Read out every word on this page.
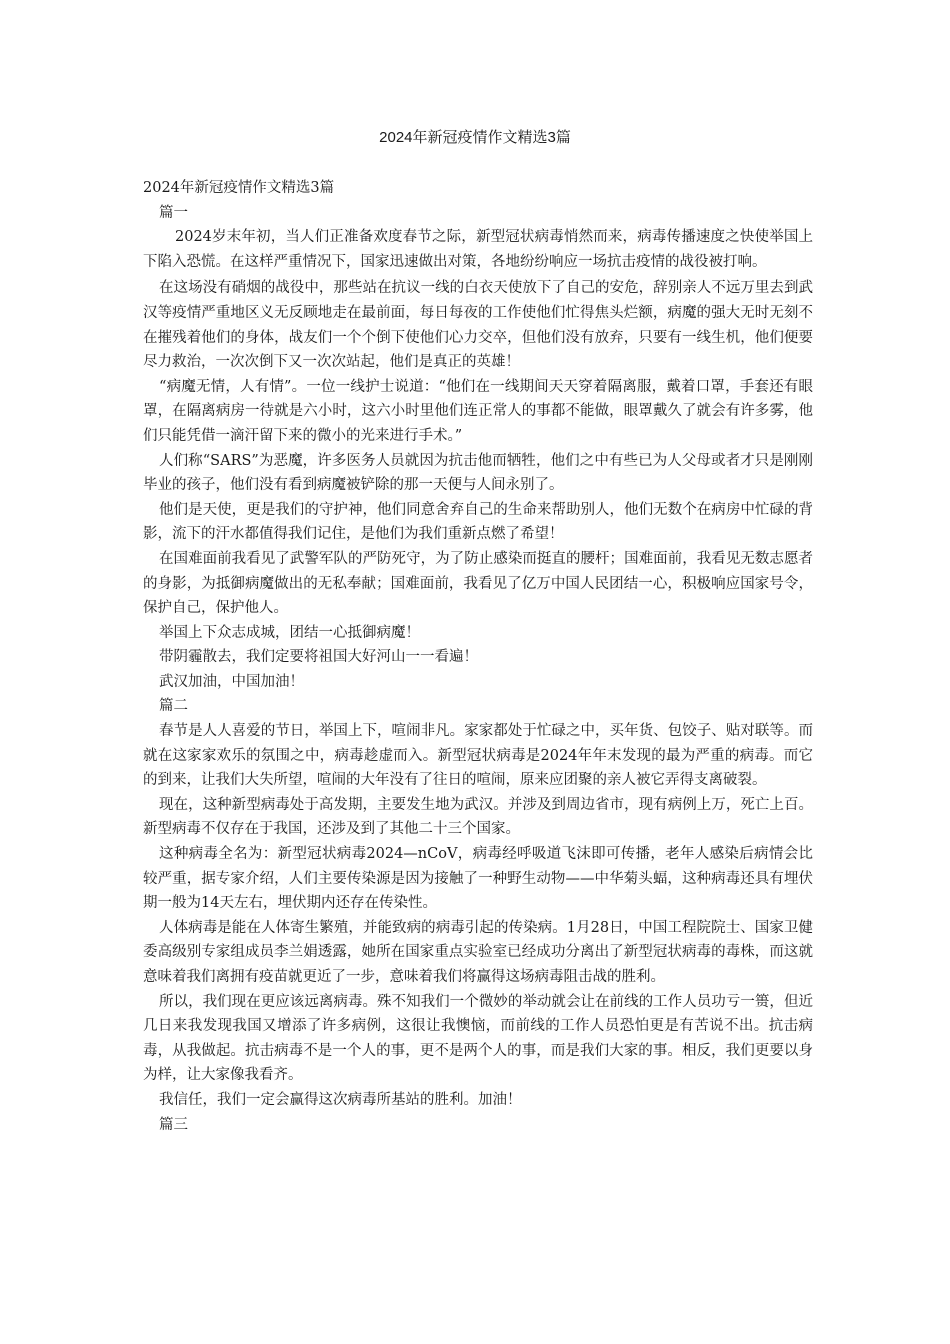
2024年新冠疫情作文精选3篇

2024年新冠疫情作文精选3篇

篇一

2024岁末年初，当人们正准备欢度春节之际，新型冠状病毒悄然而来，病毒传播速度之快使举国上下陷入恐慌。在这样严重情况下，国家迅速做出对策，各地纷纷响应一场抗击疫情的战役被打响。

在这场没有硝烟的战役中，那些站在抗议一线的白衣天使放下了自己的安危，辞别亲人不远万里去到武汉等疫情严重地区义无反顾地走在最前面，每日每夜的工作使他们忙得焦头烂额，病魔的强大无时无刻不在摧残着他们的身体，战友们一个个倒下使他们心力交卒，但他们没有放弃，只要有一线生机，他们便要尽力救治，一次次倒下又一次次站起，他们是真正的英雄！

“病魔无情，人有情”。一位一线护士说道：“他们在一线期间天天穿着隔离服，戴着口罩，手套还有眼罩，在隔离病房一待就是六小时，这六小时里他们连正常人的事都不能做，眼罩戴久了就会有许多雾，他们只能凭借一滴汗留下来的微小的光来进行手术。”

人们称“SARS”为恶魔，许多医务人员就因为抗击他而牺牲，他们之中有些已为人父母或者才只是刚刚毕业的孩子，他们没有看到病魔被铲除的那一天便与人间永别了。

他们是天使，更是我们的守护神，他们同意舍弃自己的生命来帮助别人，他们无数个在病房中忙碌的背影，流下的汗水都值得我们记住，是他们为我们重新点燃了希望！

在国难面前我看见了武警军队的严防死守，为了防止感染而挺直的腰杆；国难面前，我看见无数志愿者的身影，为抵御病魔做出的无私奉献；国难面前，我看见了亿万中国人民团结一心，积极响应国家号令，保护自己，保护他人。

举国上下众志成城，团结一心抵御病魔！

带阴霾散去，我们定要将祖国大好河山一一看遍！

武汉加油，中国加油！

篇二

春节是人人喜爱的节日，举国上下，喧闹非凡。家家都处于忙碌之中，买年货、包饺子、贴对联等。而就在这家家欢乐的氛围之中，病毒趁虚而入。新型冠状病毒是2024年年末发现的最为严重的病毒。而它的到来，让我们大失所望，喧闹的大年没有了往日的喧闹，原来应团聚的亲人被它弄得支离破裂。

现在，这种新型病毒处于高发期，主要发生地为武汉。并涉及到周边省市，现有病例上万，死亡上百。新型病毒不仅存在于我国，还涉及到了其他二十三个国家。

这种病毒全名为：新型冠状病毒2024—nCoV，病毒经呼吸道飞沫即可传播，老年人感染后病情会比较严重，据专家介绍，人们主要传染源是因为接触了一种野生动物——中华菊头蝠，这种病毒还具有埋伏期一般为14天左右，埋伏期内还存在传染性。

人体病毒是能在人体寄生繁殖，并能致病的病毒引起的传染病。1月28日，中国工程院院士、国家卫健委高级别专家组成员李兰娟透露，她所在国家重点实验室已经成功分离出了新型冠状病毒的毒株，而这就意味着我们离拥有疫苗就更近了一步，意味着我们将赢得这场病毒阻击战的胜利。

所以，我们现在更应该远离病毒。殊不知我们一个微妙的举动就会让在前线的工作人员功亏一篑，但近几日来我发现我国又增添了许多病例，这很让我懊恼，而前线的工作人员恐怕更是有苦说不出。抗击病毒，从我做起。抗击病毒不是一个人的事，更不是两个人的事，而是我们大家的事。相反，我们更要以身为样，让大家像我看齐。

我信任，我们一定会赢得这次病毒所基站的胜利。加油！

篇三
